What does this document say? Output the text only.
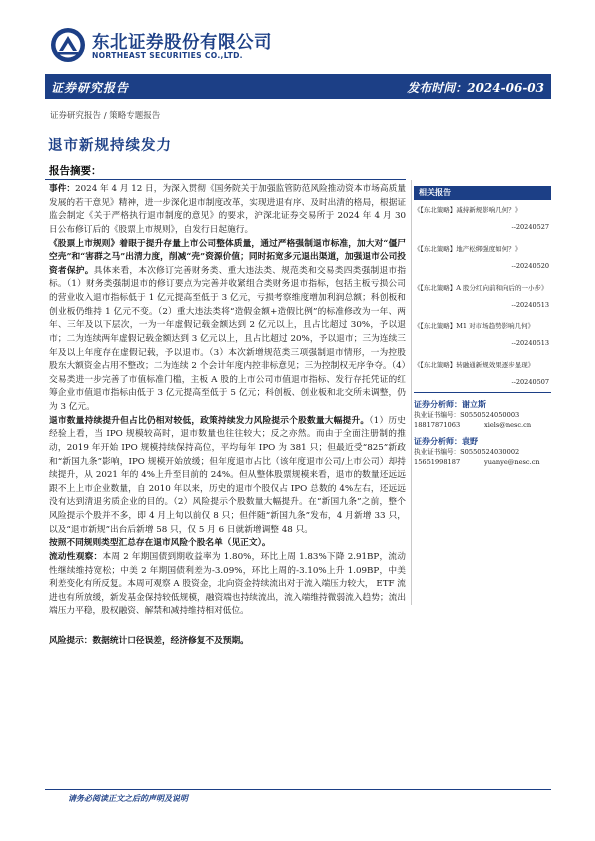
东北证券股份有限公司
NORTHEAST SECURITIES CO.,LTD.
证券研究报告	发布时间：2024-06-03
证券研究报告 / 策略专题报告
退市新规持续发力
报告摘要：

事件：2024 年 4 月 12 日，为深入贯彻《国务院关于加强监管防范风险推动资本市场高质量发展的若干意见》精神，进一步深化退市制度改革，实现进退有序、及时出清的格局，根据证监会制定《关于严格执行退市制度的意见》的要求，沪深北证券交易所于 2024 年 4 月 30 日公布修订后的《股票上市规则》，自发行日起施行。

《股票上市规则》着眼于提升存量上市公司整体质量，通过严格强制退市标准，加大对“僵尸空壳”和“害群之马”出清力度，削减“壳”资源价值；同时拓宽多元退出渠道，加强退市公司投资者保护。具体来看，本次修订完善财务类、重大违法类、规范类和交易类四类强制退市指标。（1）财务类强制退市的修订要点为完善并收紧组合类财务退市指标，包括主板亏损公司的营业收入退市指标低于 1 亿元提高至低于 3 亿元，亏损考察维度增加利润总额；科创板和创业板仍维持 1 亿元不变。（2）重大违法类将“造假金额+造假比例”的标准修改为一年、两年、三年及以下层次，一为一年虚假记载金额达到 2 亿元以上，且占比超过 30%，予以退市；二为连续两年虚假记载金额达到 3 亿元以上，且占比超过 20%，予以退市；三为连续三年及以上年度存在虚假记载，予以退市。（3）本次新增规范类三项强制退市情形，一为控股股东大额资金占用不整改；二为连续 2 个会计年度内控非标意见；三为控制权无序争夺。（4）交易类进一步完善了市值标准门槛，主板 A 股的上市公司市值退市指标、发行存托凭证的红筹企业市值退市指标由低于 3 亿元提高至低于 5 亿元；科创板、创业板和北交所未调整，仍为 3 亿元。

退市数量持续提升但占比仍相对较低，政策持续发力风险提示个股数量大幅提升。（1）历史经验上看，当 IPO 规模较高时，退市数量也往往较大；反之亦然。而由于全面注册制的推动，2019 年开始 IPO 规模持续保持高位，平均每年 IPO 为 381 只；但最近受“825”新政和“新国九条”影响，IPO 规模开始放缓；但年度退市占比（该年度退市公司/上市公司）却持续提升，从 2021 年的 4%上升至目前的 24%。但从整体股票规模来看，退市的数量还远远跟不上上市企业数量，自 2010 年以来，历史的退市个股仅占 IPO 总数的 4%左右，还远远没有达到清退劣质企业的目的。（2）风险提示个股数量大幅提升。在“新国九条”之前，整个风险提示个股并不多，即 4 月上旬以前仅 8 只；但伴随“新国九条”发布，4 月新增 33 只，以及“退市新规”出台后新增 58 只，仅 5 月 6 日就新增调整 48 只。

按照不同规则类型汇总存在退市风险个股名单（见正文）。

流动性观察：本周 2 年期国债到期收益率为 1.80%，环比上周 1.83%下降 2.91BP，流动性继续维持宽松；中美 2 年期国债利差为-3.09%，环比上周的-3.10%上升 1.09BP，中美利差变化有所反复。本周可观察 A 股资金，北向资金持续流出对于流入端压力较大， ETF 流进也有所放缓，新发基金保持较低规模，融资端也持续流出，流入端维持微弱流入趋势；流出端压力平稳，股权融资、解禁和减持维持相对低位。

风险提示：数据统计口径误差，经济修复不及预期。

相关报告
《【东北策略】减持新规影响几何？》
--20240527
《【东北策略】地产松绑强度如何？》
--20240520
《【东北策略】A 股分红向前和向后的一小步》
--20240513
《【东北策略】M1 对市场趋势影响几何》
--20240513
《【东北策略】转融通新规效果逐步显现》
--20240507
证券分析师：谢立斯
执业证书编号：S0550524050003
18817871063	xiels@nesc.cn
证券分析师：袁野
执业证书编号：S0550524030002
15651998187	yuanye@nesc.cn
请务必阅读正文之后的声明及说明
